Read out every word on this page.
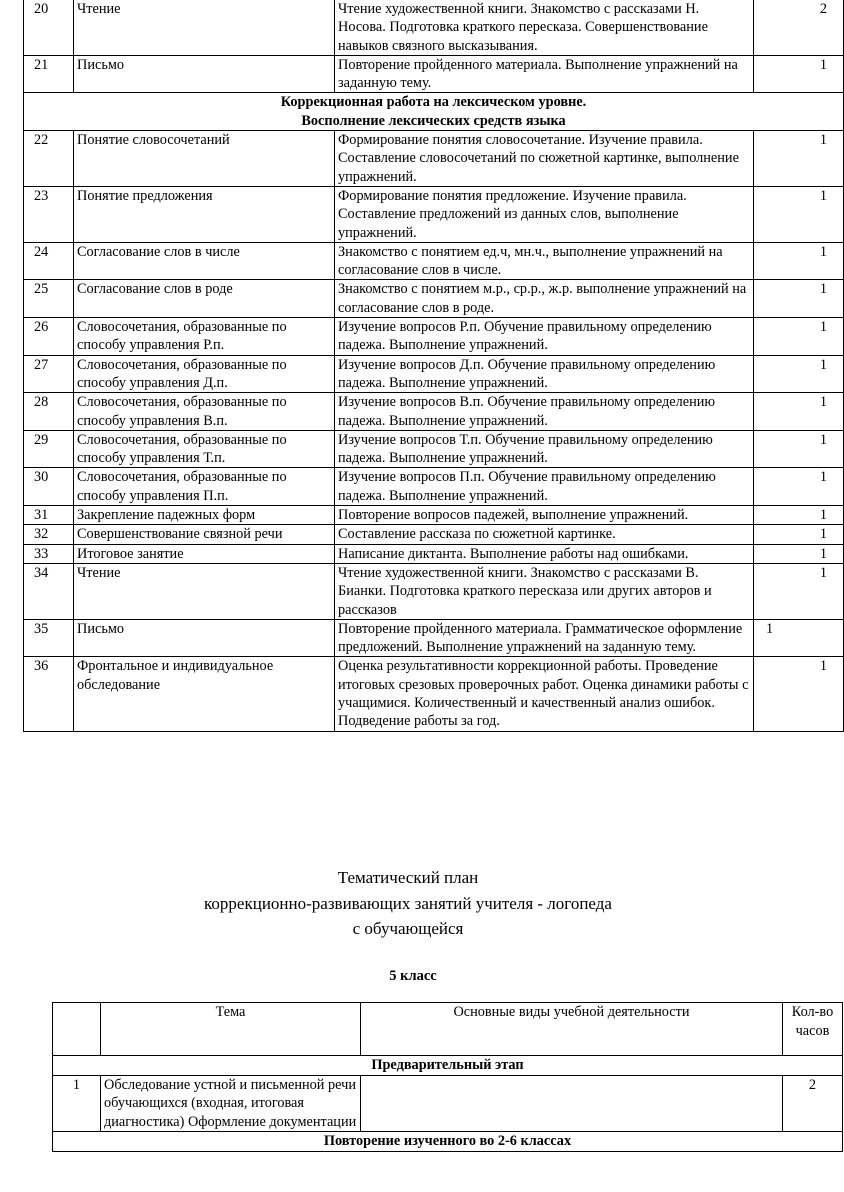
20	Чтение	Чтение художественной книги. Знакомство с рассказами Н. Носова. Подготовка краткого пересказа. Совершенствование навыков связного высказывания.	2
21	Письмо	Повторение пройденного материала. Выполнение упражнений на заданную тему.	1

Коррекционная работа на лексическом уровне.
Восполнение лексических средств языка			

22	Понятие словосочетаний	Формирование понятия словосочетание. Изучение правила. Составление словосочетаний по сюжетной картинке, выполнение упражнений.	1
23	Понятие предложения	Формирование понятия предложение. Изучение правила. Составление предложений из данных слов, выполнение упражнений.	1
24	Согласование слов в числе	Знакомство с понятием ед.ч, мн.ч., выполнение упражнений на согласование слов в числе.	1
25	Согласование слов в роде	Знакомство с понятием м.р., ср.р., ж.р. выполнение упражнений на согласование слов в роде.	1
26	Словосочетания, образованные по способу управления Р.п.	Изучение вопросов Р.п. Обучение правильному определению падежа. Выполнение упражнений.	1
27	Словосочетания, образованные по способу управления Д.п.	Изучение вопросов Д.п. Обучение правильному определению падежа. Выполнение упражнений.	1
28	Словосочетания, образованные по способу управления В.п.	Изучение вопросов В.п. Обучение правильному определению падежа. Выполнение упражнений.	1
29	Словосочетания, образованные по способу управления Т.п.	Изучение вопросов Т.п. Обучение правильному определению падежа. Выполнение упражнений.	1
30	Словосочетания, образованные по способу управления П.п.	Изучение вопросов П.п. Обучение правильному определению падежа. Выполнение упражнений.	1
31	Закрепление падежных форм	Повторение вопросов падежей, выполнение упражнений.	1
32	Совершенствование связной речи	Составление рассказа по сюжетной картинке.	1
33	Итоговое занятие	Написание диктанта. Выполнение работы над ошибками.	1
34	Чтение	Чтение художественной книги. Знакомство с рассказами В. Бианки. Подготовка краткого пересказа или других авторов и рассказов	1
35	Письмо	Повторение пройденного материала. Грамматическое оформление предложений. Выполнение упражнений на заданную тему.	1
36	Фронтальное и индивидуальное обследование	Оценка результативности коррекционной работы. Проведение итоговых срезовых проверочных работ. Оценка динамики работы с учащимися. Количественный и качественный анализ ошибок. Подведение работы за год.	1
Тематический план
коррекционно-развивающих занятий учителя - логопеда
с обучающейся
5 класс
	Тема	Основные виды учебной деятельности	Кол-во часов
Предварительный этап			
1	Обследование устной и письменной речи обучающихся (входная, итоговая диагностика) Оформление документации		2
Повторение изученного во 2-6 классах			
